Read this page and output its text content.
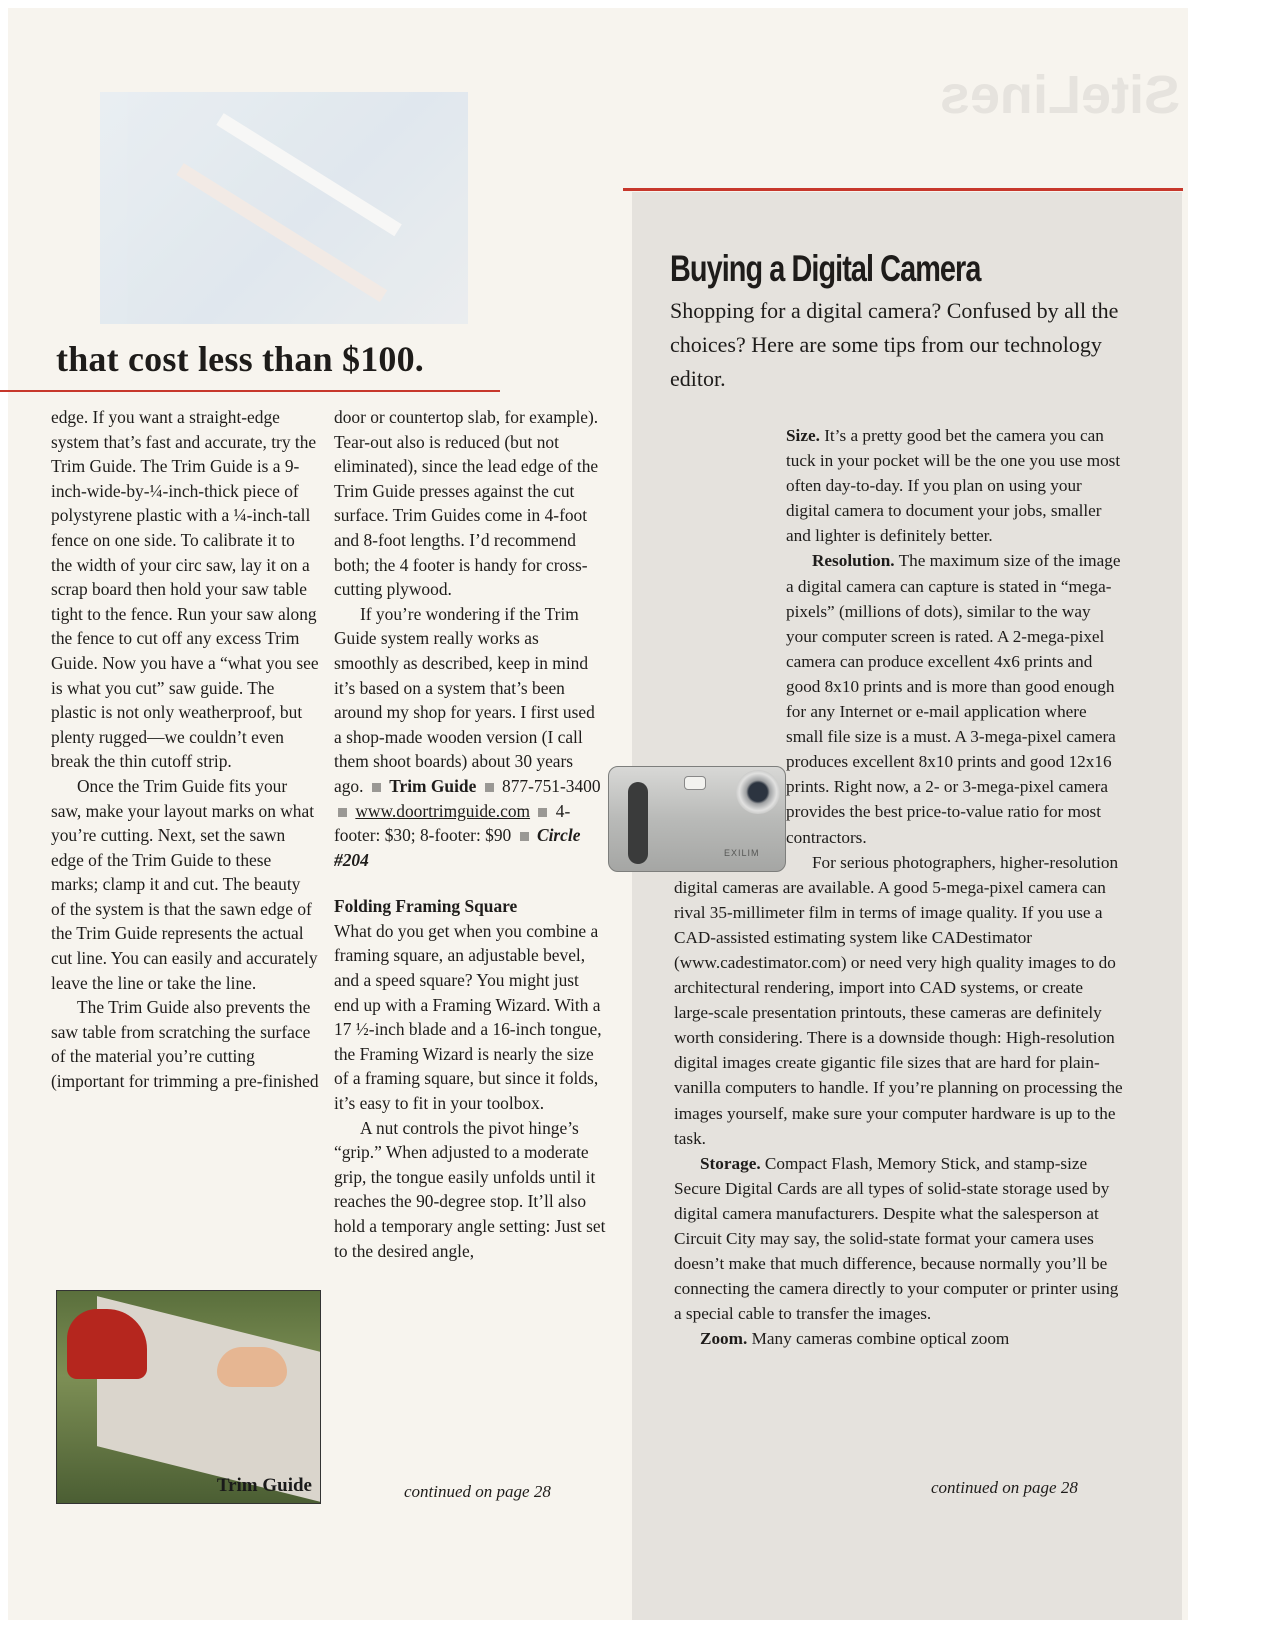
SiteLines
that cost less than $100.

edge. If you want a straight-edge system that’s fast and accurate, try the Trim Guide. The Trim Guide is a 9-inch-wide-by-¼-inch-thick piece of polystyrene plastic with a ¼-inch-tall fence on one side. To calibrate it to the width of your circ saw, lay it on a scrap board then hold your saw table tight to the fence. Run your saw along the fence to cut off any excess Trim Guide. Now you have a “what you see is what you cut” saw guide. The plastic is not only weatherproof, but plenty rugged—we couldn’t even break the thin cutoff strip.

Once the Trim Guide fits your saw, make your layout marks on what you’re cutting. Next, set the sawn edge of the Trim Guide to these marks; clamp it and cut. The beauty of the system is that the sawn edge of the Trim Guide represents the actual cut line. You can easily and accurately leave the line or take the line.

The Trim Guide also prevents the saw table from scratching the surface of the material you’re cutting (important for trimming a pre-finished

Trim Guide

door or countertop slab, for example). Tear-out also is reduced (but not eliminated), since the lead edge of the Trim Guide presses against the cut surface. Trim Guides come in 4-foot and 8-foot lengths. I’d recommend both; the 4 footer is handy for cross-cutting plywood.

If you’re wondering if the Trim Guide system really works as smoothly as described, keep in mind it’s based on a system that’s been around my shop for years. I first used a shop-made wooden version (I call them shoot boards) about 30 years ago. Trim Guide 877-751-3400  www.doortrimguide.com 4-footer: $30; 8-footer: $90 Circle #204

Folding Framing Square

What do you get when you combine a framing square, an adjustable bevel, and a speed square? You might just end up with a Framing Wizard. With a 17 ½-inch blade and a 16-inch tongue, the Framing Wizard is nearly the size of a framing square, but since it folds, it’s easy to fit in your toolbox.

A nut controls the pivot hinge’s “grip.” When adjusted to a moderate grip, the tongue easily unfolds until it reaches the 90-degree stop. It’ll also hold a temporary angle setting: Just set to the desired angle,

continued on page 28
Buying a Digital Camera

Shopping for a digital camera? Confused by all the choices? Here are some tips from our technology editor.

EXILIM

Size. It’s a pretty good bet the camera you can tuck in your pocket will be the one you use most often day-to-day. If you plan on using your digital camera to document your jobs, smaller and lighter is definitely better.

Resolution. The maximum size of the image a digital camera can capture is stated in “mega-pixels” (millions of dots), similar to the way your computer screen is rated. A 2-mega-pixel camera can produce excellent 4x6 prints and good 8x10 prints and is more than good enough for any Internet or e-mail application where small file size is a must. A 3-mega-pixel camera produces excellent 8x10 prints and good 12x16 prints. Right now, a 2- or 3-mega-pixel camera provides the best price-to-value ratio for most contractors.

For serious photographers, higher-resolution digital cameras are available. A good 5-mega-pixel camera can rival 35-millimeter film in terms of image quality. If you use a CAD-assisted estimating system like CADestimator (www.cadestimator.com) or need very high quality images to do architectural rendering, import into CAD systems, or create large-scale presentation printouts, these cameras are definitely worth considering. There is a downside though: High-resolution digital images create gigantic file sizes that are hard for plain-vanilla computers to handle. If you’re planning on processing the images yourself, make sure your computer hardware is up to the task.

Storage. Compact Flash, Memory Stick, and stamp-size Secure Digital Cards are all types of solid-state storage used by digital camera manufacturers. Despite what the salesperson at Circuit City may say, the solid-state format your camera uses doesn’t make that much difference, because normally you’ll be connecting the camera directly to your computer or printer using a special cable to transfer the images.

Zoom. Many cameras combine optical zoom

continued on page 28
